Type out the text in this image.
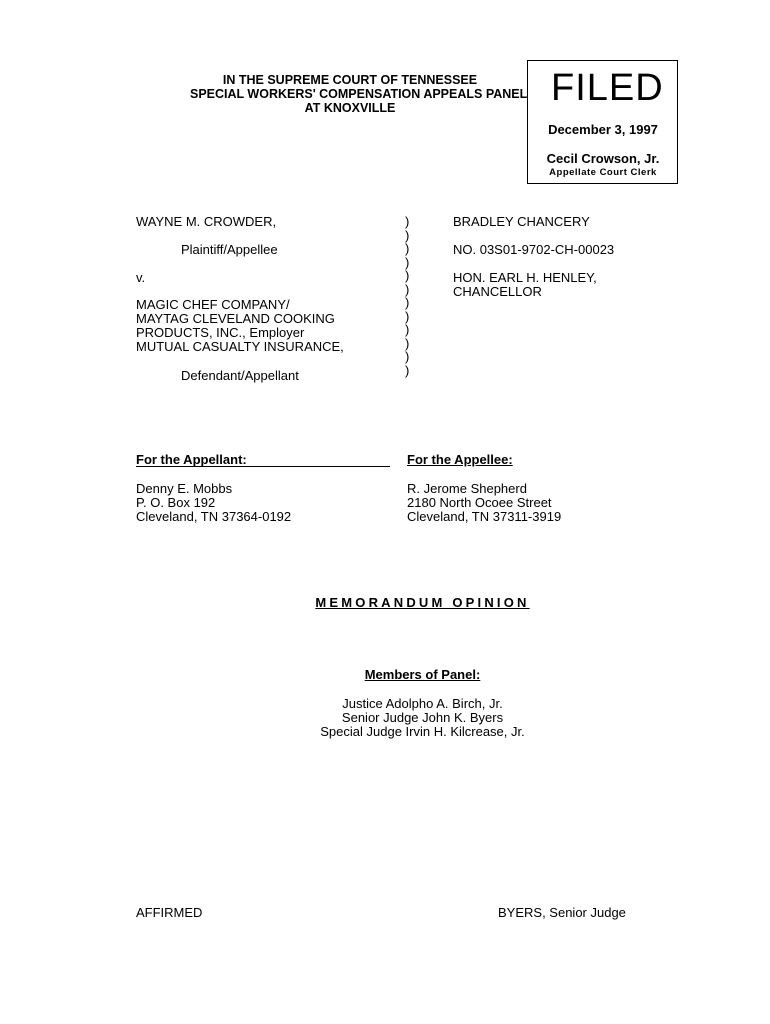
IN THE SUPREME COURT OF TENNESSEE
SPECIAL WORKERS' COMPENSATION APPEALS PANEL
AT KNOXVILLE	FILED
December 3, 1997
Cecil Crowson, Jr.
Appellate Court Clerk
WAYNE M. CROWDER,
Plaintiff/Appellee
v.
MAGIC CHEF COMPANY/
MAYTAG CLEVELAND COOKING
PRODUCTS, INC., Employer
MUTUAL CASUALTY INSURANCE,
Defendant/Appellant
)
)
)
)
)
)
)
)
)
)
)
)
BRADLEY CHANCERY
NO. 03S01-9702-CH-00023
HON. EARL H. HENLEY,
CHANCELLOR
For the Appellant:
Denny E. Mobbs
P. O. Box 192
Cleveland, TN 37364-0192
For the Appellee:
R. Jerome Shepherd
2180 North Ocoee Street
Cleveland, TN 37311-3919
MEMORANDUM OPINION
Members of Panel:
Justice Adolpho A. Birch, Jr.
Senior Judge John K. Byers
Special Judge Irvin H. Kilcrease, Jr.
AFFIRMED	BYERS, Senior Judge
